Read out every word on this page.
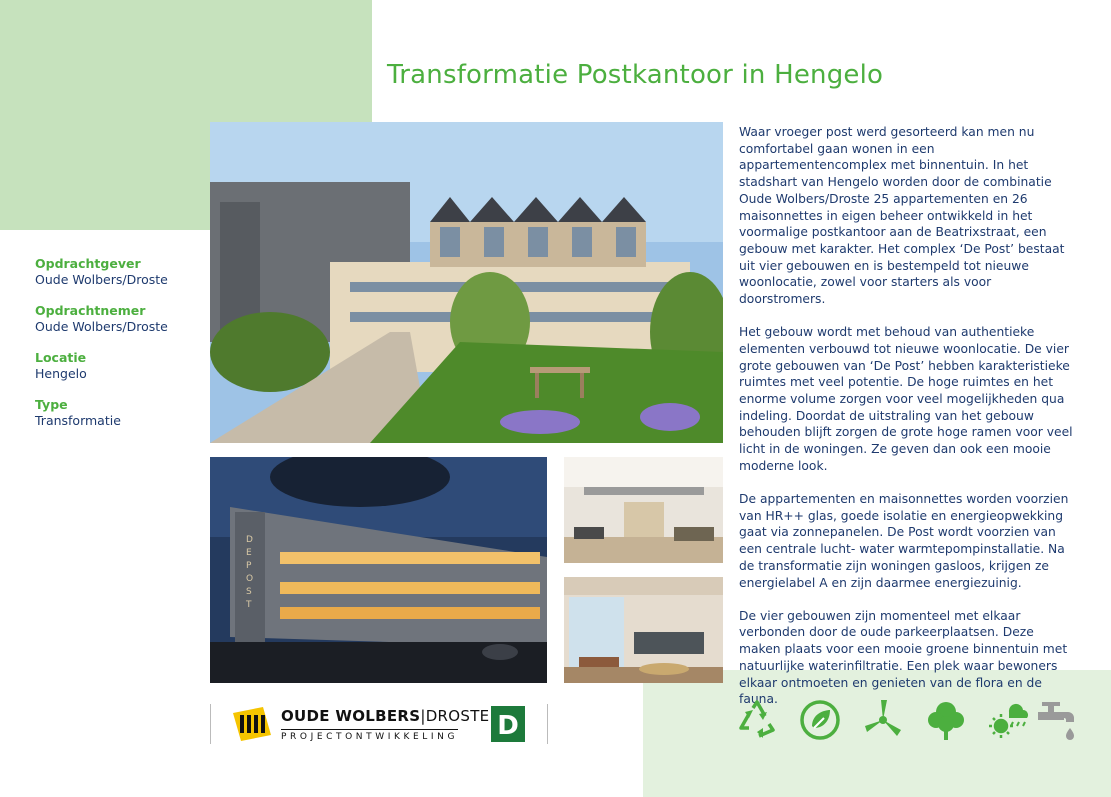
Transformatie Postkantoor in Hengelo
Opdrachtgever
Oude Wolbers/Droste
Opdrachtnemer
Oude Wolbers/Droste
Locatie
Hengelo
Type
Transformatie
D E P O S T

Waar vroeger post werd gesorteerd kan men nu comfortabel gaan wonen in een appartementencomplex met binnentuin. In het stadshart van Hengelo worden door de combinatie Oude Wolbers/Droste 25 appartementen en 26 maisonnettes in eigen beheer ontwikkeld in het voormalige postkantoor aan de Beatrixstraat, een gebouw met karakter. Het complex ‘De Post’ bestaat uit vier gebouwen en is bestempeld tot nieuwe woonlocatie, zowel voor starters als voor doorstromers.

Het gebouw wordt met behoud van authentieke elementen verbouwd tot nieuwe woonlocatie. De vier grote gebouwen van ‘De Post’ hebben karakteristieke ruimtes met veel potentie. De hoge ruimtes en het enorme volume zorgen voor veel mogelijkheden qua indeling. Doordat de uitstraling van het gebouw behouden blijft zorgen de grote hoge ramen voor veel licht in de woningen. Ze geven dan ook een mooie moderne look.

De appartementen en maisonnettes worden voorzien van HR++ glas, goede isolatie en energieopwekking gaat via zonnepanelen. De Post wordt voorzien van een centrale lucht- water warmtepompinstallatie. Na de transformatie zijn woningen gasloos, krijgen ze energielabel A en zijn daarmee energiezuinig.

De vier gebouwen zijn momenteel met elkaar verbonden door de oude parkeerplaatsen. Deze maken plaats voor een mooie groene binnentuin met natuurlijke waterinfiltratie. Een plek waar bewoners elkaar ontmoeten en genieten van de flora en de fauna.

OUDE WOLBERS|DROSTE
PROJECTONTWIKKELING D
